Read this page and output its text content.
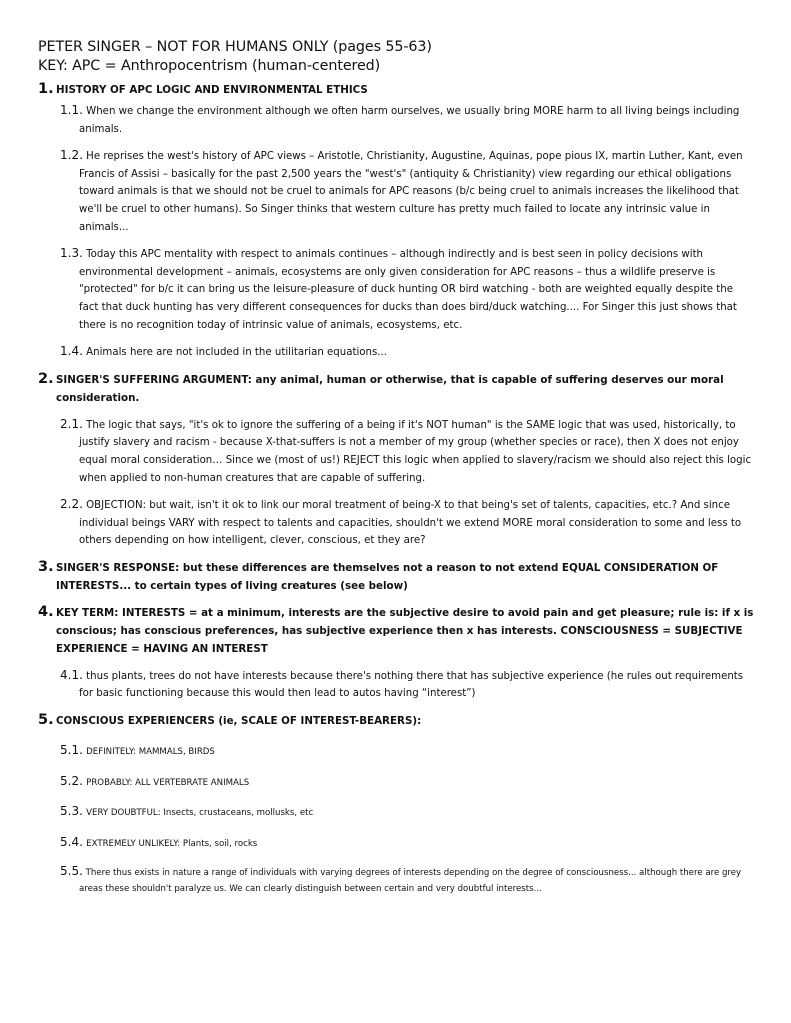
PETER SINGER – NOT FOR HUMANS ONLY (pages 55-63)
KEY: APC = Anthropocentrism (human-centered)
1. HISTORY OF APC LOGIC AND ENVIRONMENTAL ETHICS
1.1. When we change the environment although we often harm ourselves, we usually bring MORE harm to all living beings including animals.
1.2. He reprises the west's history of APC views – Aristotle, Christianity, Augustine, Aquinas, pope pious IX, martin Luther, Kant, even Francis of Assisi – basically for the past 2,500 years the "west's" (antiquity & Christianity) view regarding our ethical obligations toward animals is that we should not be cruel to animals for APC reasons (b/c being cruel to animals increases the likelihood that we'll be cruel to other humans). So Singer thinks that western culture has pretty much failed to locate any intrinsic value in animals...
1.3. Today this APC mentality with respect to animals continues – although indirectly and is best seen in policy decisions with environmental development – animals, ecosystems are only given consideration for APC reasons – thus a wildlife preserve is "protected" for b/c it can bring us the leisure-pleasure of duck hunting OR bird watching - both are weighted equally despite the fact that duck hunting has very different consequences for ducks than does bird/duck watching.... For Singer this just shows that there is no recognition today of intrinsic value of animals, ecosystems, etc.
1.4. Animals here are not included in the utilitarian equations...
2. SINGER'S SUFFERING ARGUMENT: any animal, human or otherwise, that is capable of suffering deserves our moral consideration.
2.1. The logic that says, "it's ok to ignore the suffering of a being if it's NOT human" is the SAME logic that was used, historically, to justify slavery and racism - because X-that-suffers is not a member of my group (whether species or race), then X does not enjoy equal moral consideration… Since we (most of us!) REJECT this logic when applied to slavery/racism we should also reject this logic when applied to non-human creatures that are capable of suffering.
2.2. OBJECTION: but wait, isn't it ok to link our moral treatment of being-X to that being's set of talents, capacities, etc.? And since individual beings VARY with respect to talents and capacities, shouldn't we extend MORE moral consideration to some and less to others depending on how intelligent, clever, conscious, et they are?
3. SINGER'S RESPONSE: but these differences are themselves not a reason to not extend EQUAL CONSIDERATION OF INTERESTS... to certain types of living creatures (see below)
4. KEY TERM: INTERESTS = at a minimum, interests are the subjective desire to avoid pain and get pleasure; rule is: if x is conscious; has conscious preferences, has subjective experience then x has interests. CONSCIOUSNESS = SUBJECTIVE EXPERIENCE = HAVING AN INTEREST
4.1. thus plants, trees do not have interests because there's nothing there that has subjective experience (he rules out requirements for basic functioning because this would then lead to autos having “interest”)
5. CONSCIOUS EXPERIENCERS (ie, SCALE OF INTEREST-BEARERS):
5.1. DEFINITELY: MAMMALS, BIRDS
5.2. PROBABLY: ALL VERTEBRATE ANIMALS
5.3. VERY DOUBTFUL: Insects, crustaceans, mollusks, etc
5.4. EXTREMELY UNLIKELY: Plants, soil, rocks
5.5. There thus exists in nature a range of individuals with varying degrees of interests depending on the degree of consciousness... although there are grey areas these shouldn't paralyze us. We can clearly distinguish between certain and very doubtful interests...
